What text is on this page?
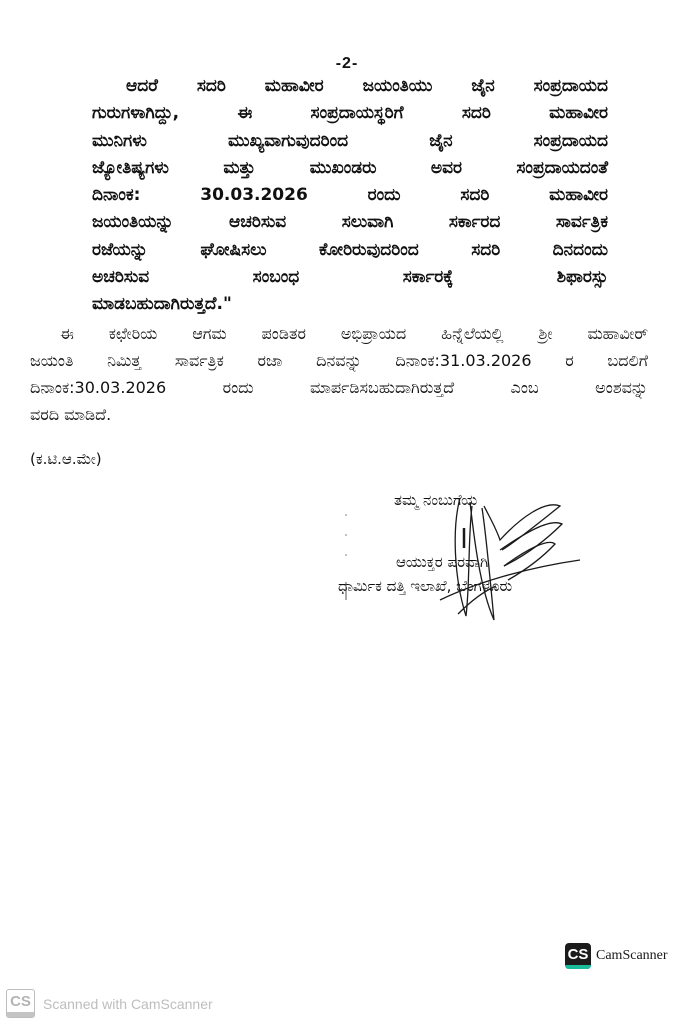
-2-
ಆದರೆ ಸದರಿ ಮಹಾವೀರ ಜಯಂತಿಯು ಜೈನ ಸಂಪ್ರದಾಯದ
ಗುರುಗಳಾಗಿದ್ದು, ಈ ಸಂಪ್ರದಾಯಸ್ಥರಿಗೆ ಸದರಿ ಮಹಾವೀರ
ಮುನಿಗಳು ಮುಖ್ಯವಾಗುವುದರಿಂದ ಜೈನ ಸಂಪ್ರದಾಯದ
ಜ್ಯೋತಿಷ್ಯಗಳು ಮತ್ತು ಮುಖಂಡರು ಅವರ ಸಂಪ್ರದಾಯದಂತೆ
ದಿನಾಂಕ: 30.03.2026 ರಂದು ಸದರಿ ಮಹಾವೀರ
ಜಯಂತಿಯನ್ನು ಆಚರಿಸುವ ಸಲುವಾಗಿ ಸರ್ಕಾರದ ಸಾರ್ವತ್ರಿಕ
ರಜೆಯನ್ನು ಘೋಷಿಸಲು ಕೋರಿರುವುದರಿಂದ ಸದರಿ ದಿನದಂದು
ಅಚರಿಸುವ ಸಂಬಂಧ ಸರ್ಕಾರಕ್ಕೆ ಶಿಫಾರಸ್ಸು
ಮಾಡಬಹುದಾಗಿರುತ್ತದೆ."
ಈ ಕಛೇರಿಯ ಆಗಮ ಪಂಡಿತರ ಅಭಿಪ್ರಾಯದ ಹಿನ್ನೆಲೆಯಲ್ಲಿ ಶ್ರೀ ಮಹಾವೀರ್
ಜಯಂತಿ ನಿಮಿತ್ತ ಸಾರ್ವತ್ರಿಕ ರಜಾ ದಿನವನ್ನು ದಿನಾಂಕ:31.03.2026 ರ ಬದಲಿಗೆ
ದಿನಾಂಕ:30.03.2026 ರಂದು ಮಾರ್ಪಡಿಸಬಹುದಾಗಿರುತ್ತದೆ ಎಂಬ ಅಂಶವನ್ನು
ವರದಿ ಮಾಡಿದೆ.
(ಕ.ಟಿ.ಆ.ಮೇ)
ತಮ್ಮ ನಂಬುಗೆಯ
ಆಯುಕ್ತರ ಪರವಾಗಿ
ಧಾರ್ಮಿಕ ದತ್ತಿ ಇಲಾಖೆ, ಬೆಂಗಳೂರು
CS CamScanner
CS Scanned with CamScanner
